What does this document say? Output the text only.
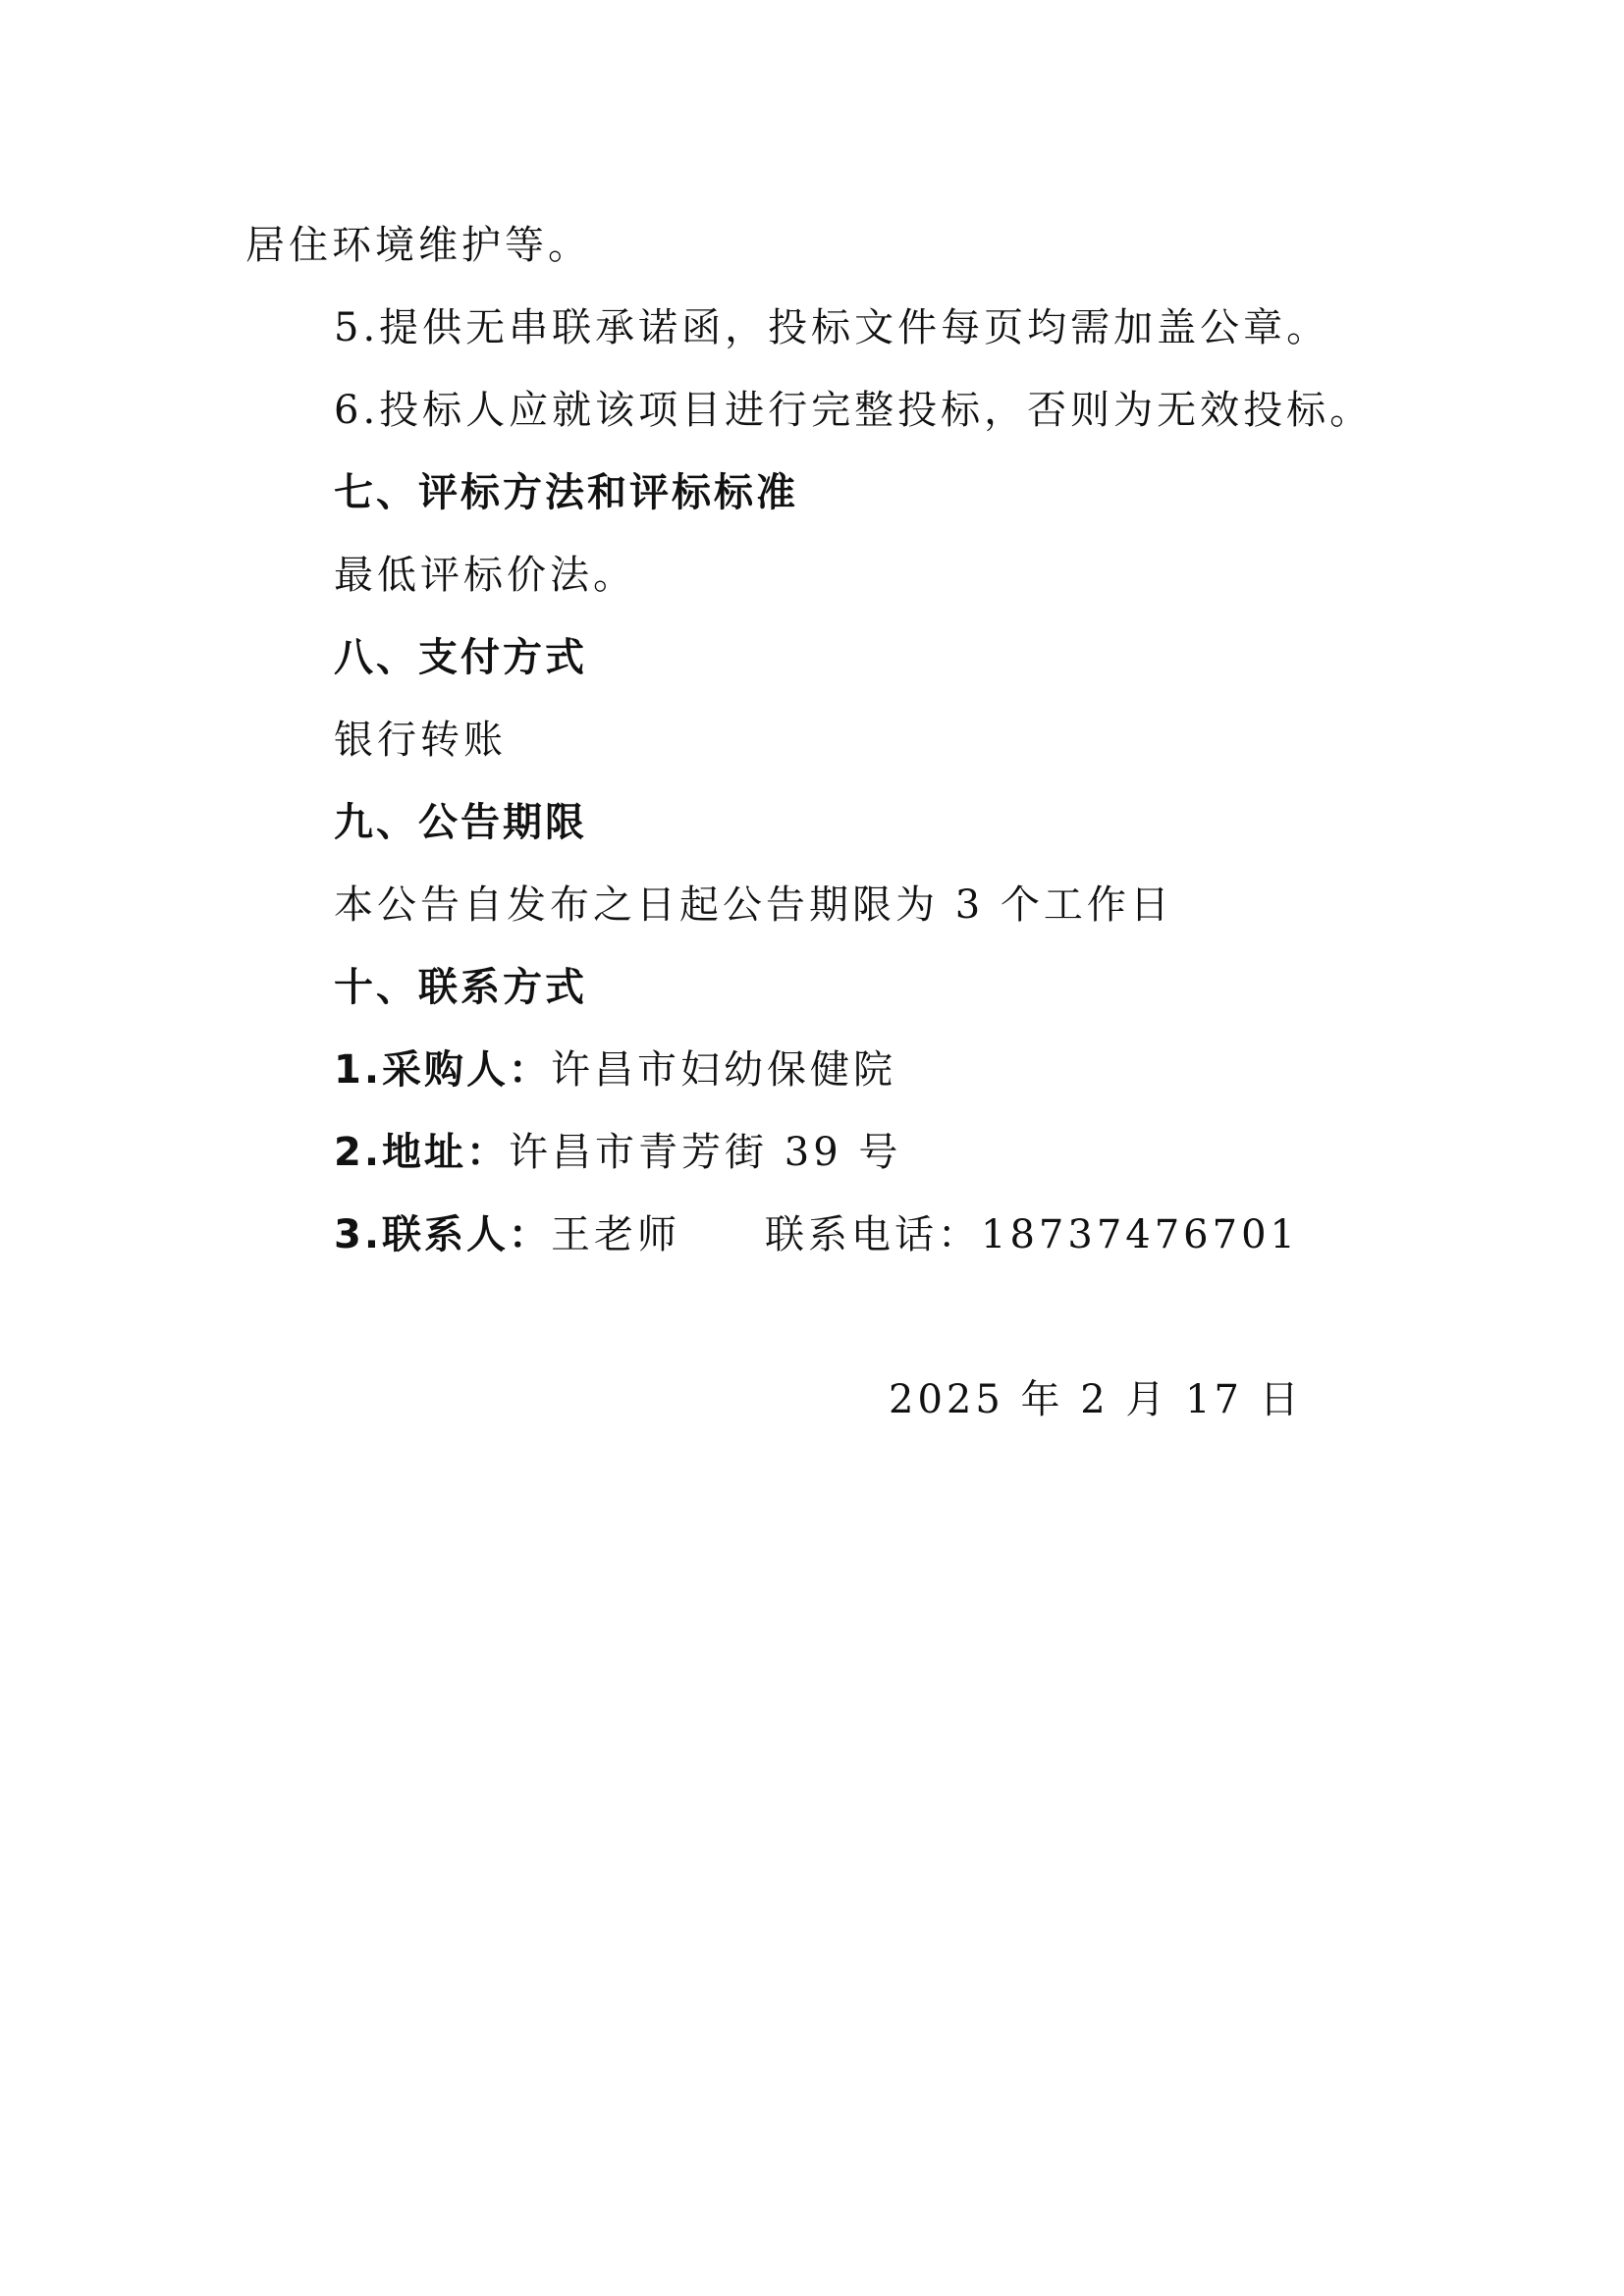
居住环境维护等。
5.提供无串联承诺函，投标文件每页均需加盖公章。
6.投标人应就该项目进行完整投标，否则为无效投标。
七、评标方法和评标标准
最低评标价法。
八、支付方式
银行转账
九、公告期限
本公告自发布之日起公告期限为 3 个工作日
十、联系方式
1.采购人：许昌市妇幼保健院
2.地址：许昌市青芳街 39 号
3.联系人：王老师 联系电话：18737476701
2025 年 2 月 17 日
